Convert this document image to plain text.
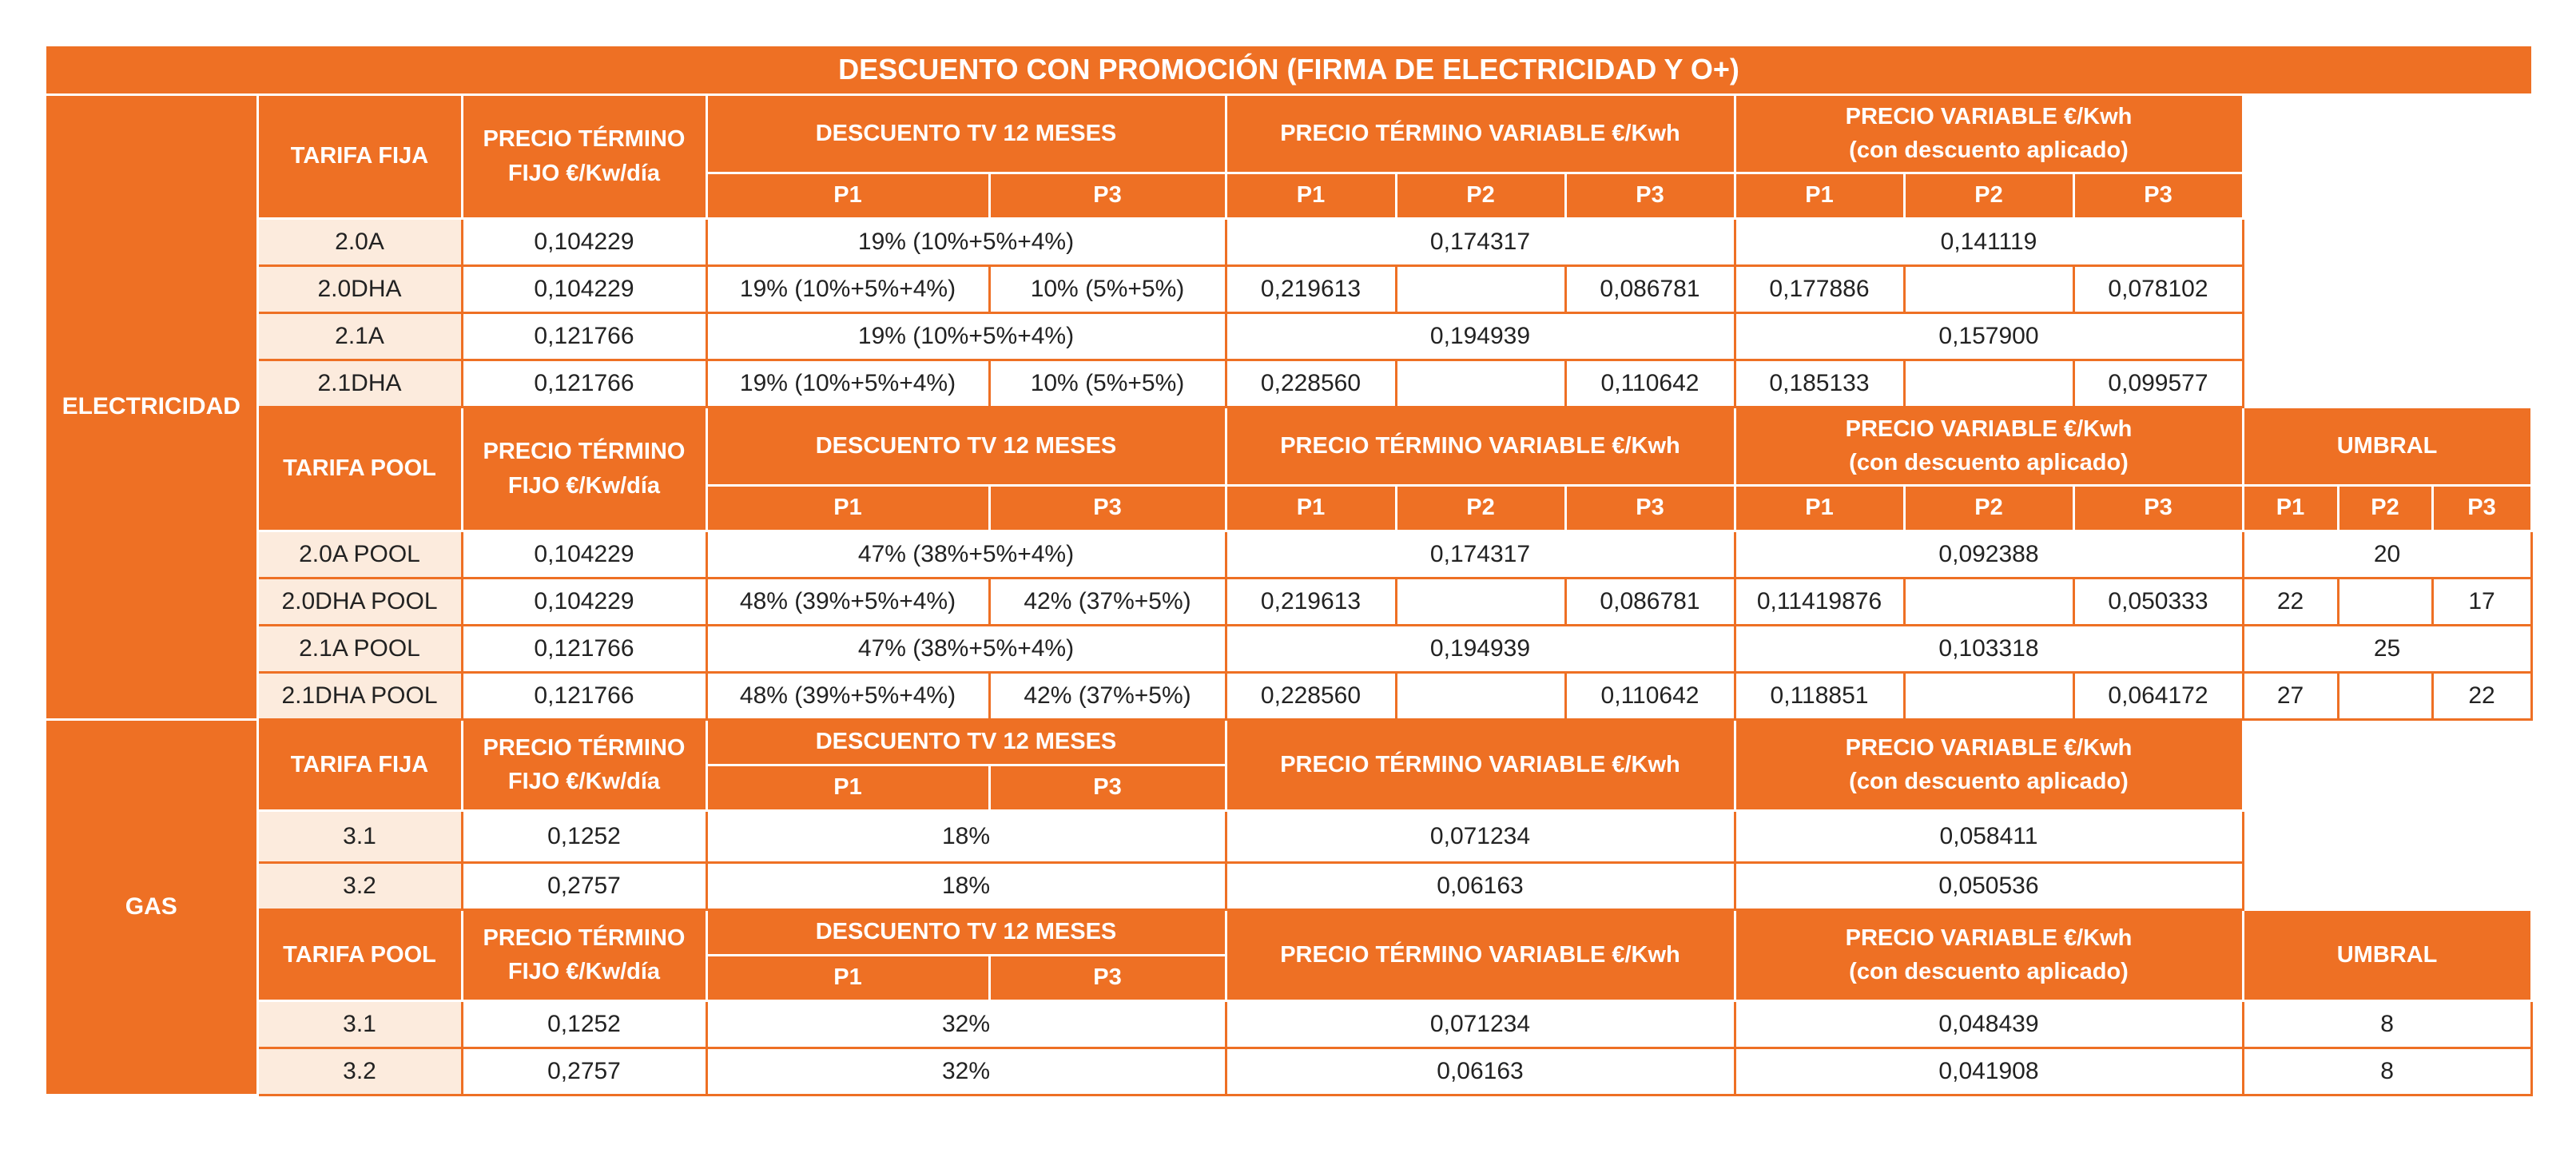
DESCUENTO CON PROMOCIÓN (FIRMA DE ELECTRICIDAD Y O+)													
ELECTRICIDAD	TARIFA FIJA	PRECIO TÉRMINO
FIJO €/Kw/día	DESCUENTO TV 12 MESES		PRECIO TÉRMINO VARIABLE €/Kwh			PRECIO VARIABLE €/Kwh
(con descuento aplicado)					
			P1	P3	P1	P2	P3	P1	P2	P3			
	2.0A	0,104229	19% (10%+5%+4%)		0,174317			0,141119					
	2.0DHA	0,104229	19% (10%+5%+4%)	10% (5%+5%)	0,219613		0,086781	0,177886		0,078102			
	2.1A	0,121766	19% (10%+5%+4%)		0,194939			0,157900					
	2.1DHA	0,121766	19% (10%+5%+4%)	10% (5%+5%)	0,228560		0,110642	0,185133		0,099577			
	TARIFA POOL	PRECIO TÉRMINO
FIJO €/Kw/día	DESCUENTO TV 12 MESES		PRECIO TÉRMINO VARIABLE €/Kwh			PRECIO VARIABLE €/Kwh
(con descuento aplicado)			UMBRAL		
			P1	P3	P1	P2	P3	P1	P2	P3	P1	P2	P3
	2.0A POOL	0,104229	47% (38%+5%+4%)		0,174317			0,092388			20		
	2.0DHA POOL	0,104229	48% (39%+5%+4%)	42% (37%+5%)	0,219613		0,086781	0,11419876		0,050333	22		17
	2.1A POOL	0,121766	47% (38%+5%+4%)		0,194939			0,103318			25		
	2.1DHA POOL	0,121766	48% (39%+5%+4%)	42% (37%+5%)	0,228560		0,110642	0,118851		0,064172	27		22
GAS	TARIFA FIJA	PRECIO TÉRMINO
FIJO €/Kw/día	DESCUENTO TV 12 MESES		PRECIO TÉRMINO VARIABLE €/Kwh			PRECIO VARIABLE €/Kwh
(con descuento aplicado)					
			P1	P3									
	3.1	0,1252	18%		0,071234			0,058411					
	3.2	0,2757	18%		0,06163			0,050536					
	TARIFA POOL	PRECIO TÉRMINO
FIJO €/Kw/día	DESCUENTO TV 12 MESES		PRECIO TÉRMINO VARIABLE €/Kwh			PRECIO VARIABLE €/Kwh
(con descuento aplicado)			UMBRAL		
			P1	P3									
	3.1	0,1252	32%		0,071234			0,048439			8		
	3.2	0,2757	32%		0,06163			0,041908			8		
